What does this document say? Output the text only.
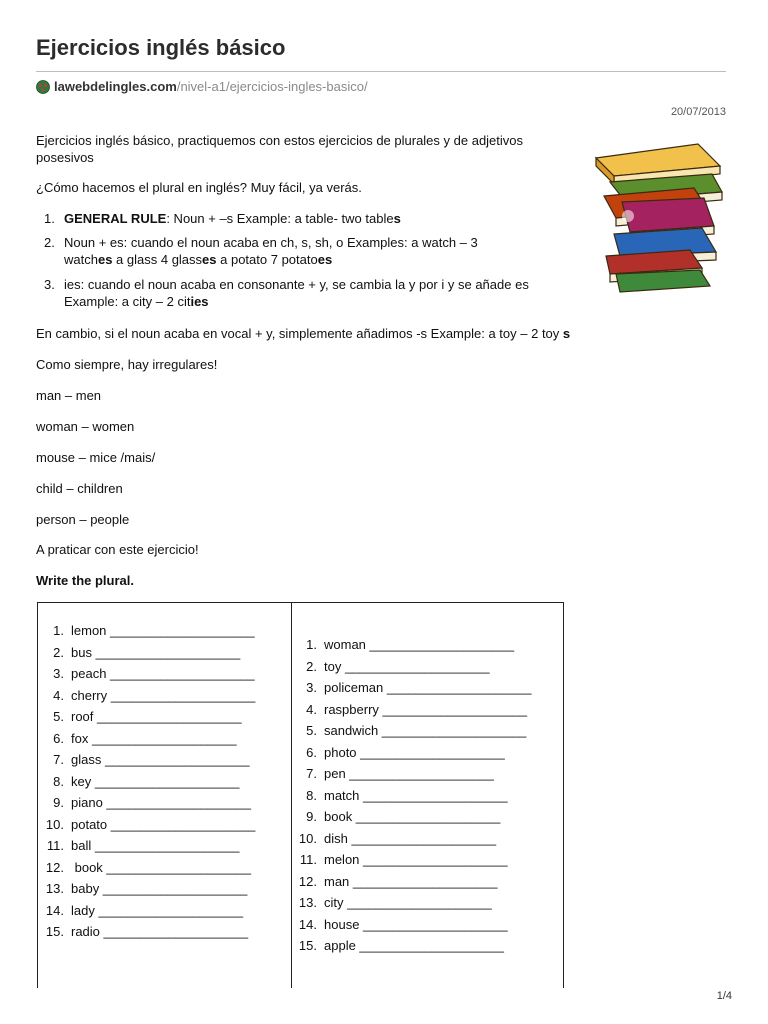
Ejercicios inglés básico
lawebdelingles.com /nivel-a1/ejercicios-ingles-basico/
20/07/2013
Ejercicios inglés básico, practiquemos con estos ejercicios de plurales y de adjetivos
posesivos
¿Cómo hacemos el plural en inglés? Muy fácil, ya verás.
1. GENERAL RULE: Noun + –s Example: a table- two tables
2. Noun + es: cuando el noun acaba en ch, s, sh, o Examples: a watch – 3
watches a glass 4 glasses a potato 7 potatoes
3. ies: cuando el noun acaba en consonante + y, se cambia la y por i y se añade es
Example: a city – 2 cities
En cambio, si el noun acaba en vocal + y, simplemente añadimos -s Example: a toy – 2 toy s
Como siempre, hay irregulares!
man – men
woman – women
mouse – mice /mais/
child – children
person – people
A praticar con este ejercicio!
Write the plural.
1. lemon ____________________
2. bus ____________________
3. peach ____________________
4. cherry ____________________
5. roof ____________________
6. fox ____________________
7. glass ____________________
8. key ____________________
9. piano ____________________
10. potato ____________________
11. ball ____________________
12. book ____________________
13. baby ____________________
14. lady ____________________
15. radio ____________________
1. woman ____________________
2. toy ____________________
3. policeman ____________________
4. raspberry ____________________
5. sandwich ____________________
6. photo ____________________
7. pen ____________________
8. match ____________________
9. book ____________________
10. dish ____________________
11. melon ____________________
12. man ____________________
13. city ____________________
14. house ____________________
15. apple ____________________
1/4
